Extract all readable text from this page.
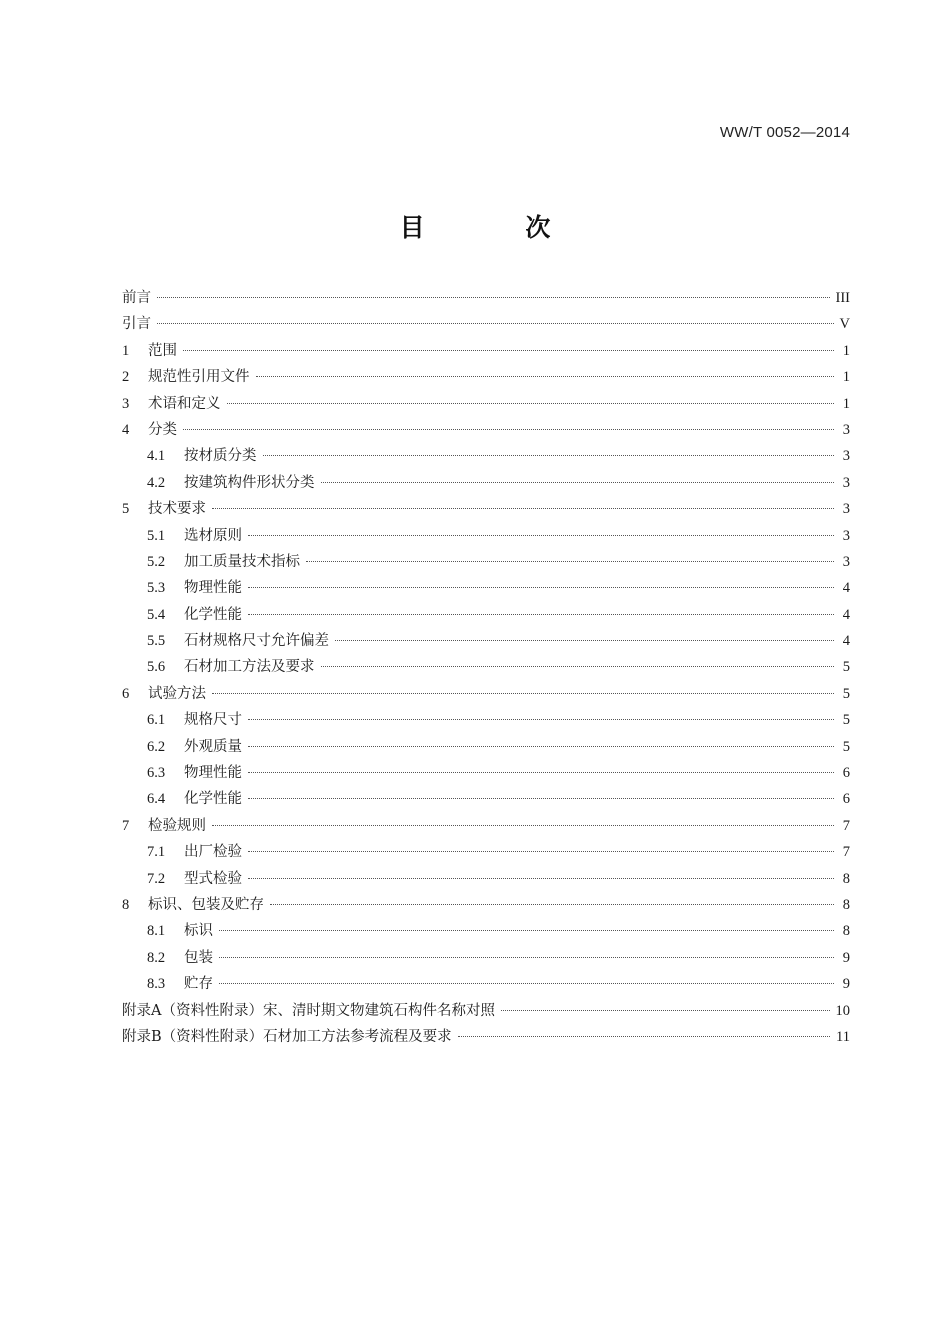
WW/T 0052—2014
目 次
前言	III
引言	V
1	范围	1
2	规范性引用文件	1
3	术语和定义	1
4	分类	3
4.1	按材质分类	3
4.2	按建筑构件形状分类	3
5	技术要求	3
5.1	选材原则	3
5.2	加工质量技术指标	3
5.3	物理性能	4
5.4	化学性能	4
5.5	石材规格尺寸允许偏差	4
5.6	石材加工方法及要求	5
6	试验方法	5
6.1	规格尺寸	5
6.2	外观质量	5
6.3	物理性能	6
6.4	化学性能	6
7	检验规则	7
7.1	出厂检验	7
7.2	型式检验	8
8	标识、包装及贮存	8
8.1	标识	8
8.2	包装	9
8.3	贮存	9
附录A（资料性附录）宋、清时期文物建筑石构件名称对照	10
附录B（资料性附录）石材加工方法参考流程及要求	11
